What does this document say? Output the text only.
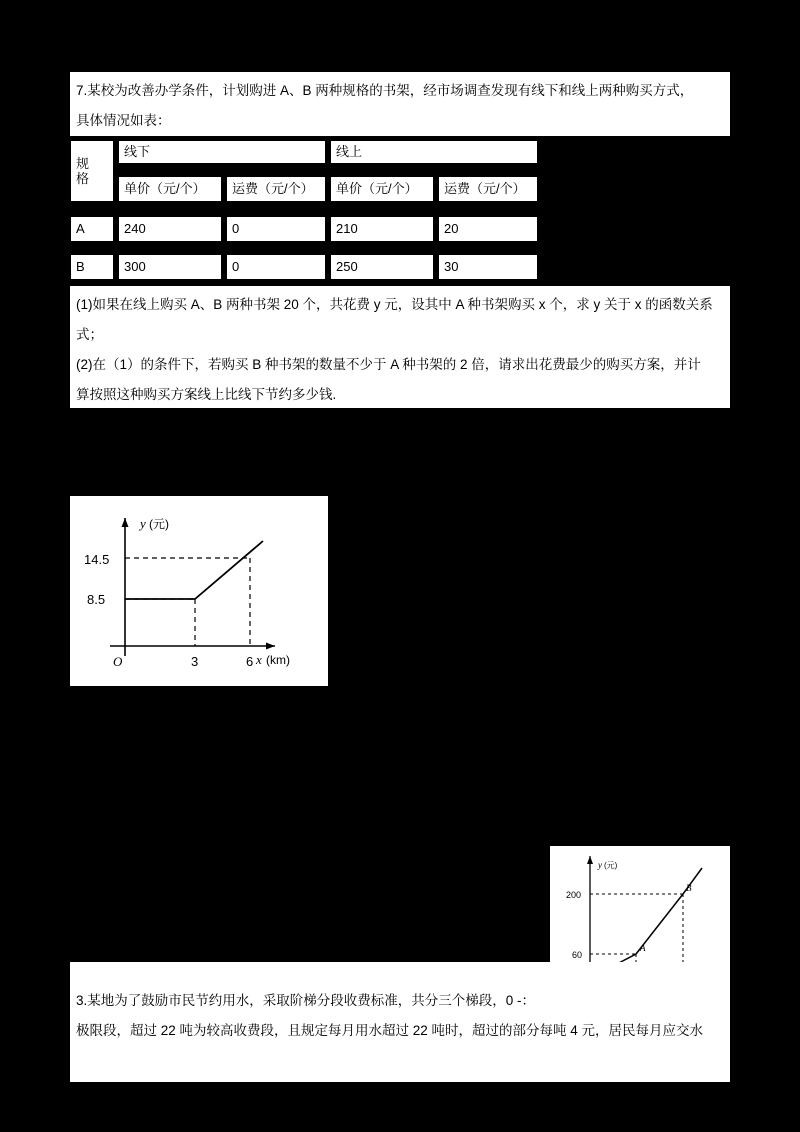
7.某校为改善办学条件，计划购进 A、B 两种规格的书架，经市场调查发现有线下和线上两种购买方式，
具体情况如表：
规
格
线下	线上
单价（元/个） 运费（元/个） 单价（元/个） 运费（元/个）
A	240	0	210	20
B	300	0	250	30
(1)如果在线上购买 A、B 两种书架 20 个，共花费 y 元，设其中 A 种书架购买 x 个，求 y 关于 x 的函数关系
式；
(2)在（1）的条件下，若购买 B 种书架的数量不少于 A 种书架的 2 倍，请求出花费最少的购买方案，并计
算按照这种购买方案线上比线下节约多少钱.
y (元)
x (km)
14.5
8.5
3	6
O
y (元)
200
60
A
B
3.某地为了鼓励市民节约用水，采取阶梯分段收费标准，共分三个梯段，0 -：
极限段，超过 22 吨为较高收费段，且规定每月用水超过 22 吨时，超过的部分每吨 4 元，居民每月应交水
